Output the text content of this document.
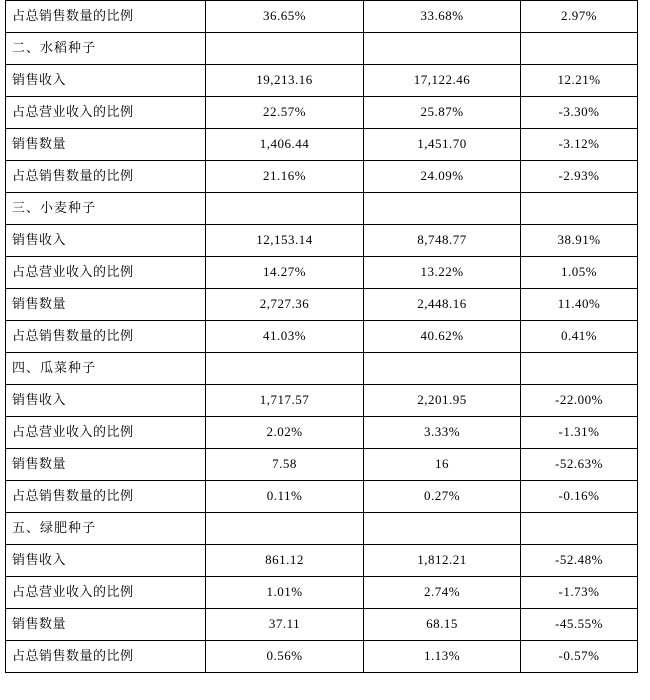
占总销售数量的比例	36.65%	33.68%	2.97%
二、水稻种子			
销售收入	19,213.16	17,122.46	12.21%
占总营业收入的比例	22.57%	25.87%	-3.30%
销售数量	1,406.44	1,451.70	-3.12%
占总销售数量的比例	21.16%	24.09%	-2.93%
三、小麦种子			
销售收入	12,153.14	8,748.77	38.91%
占总营业收入的比例	14.27%	13.22%	1.05%
销售数量	2,727.36	2,448.16	11.40%
占总销售数量的比例	41.03%	40.62%	0.41%
四、瓜菜种子			
销售收入	1,717.57	2,201.95	-22.00%
占总营业收入的比例	2.02%	3.33%	-1.31%
销售数量	7.58	16	-52.63%
占总销售数量的比例	0.11%	0.27%	-0.16%
五、绿肥种子			
销售收入	861.12	1,812.21	-52.48%
占总营业收入的比例	1.01%	2.74%	-1.73%
销售数量	37.11	68.15	-45.55%
占总销售数量的比例	0.56%	1.13%	-0.57%
